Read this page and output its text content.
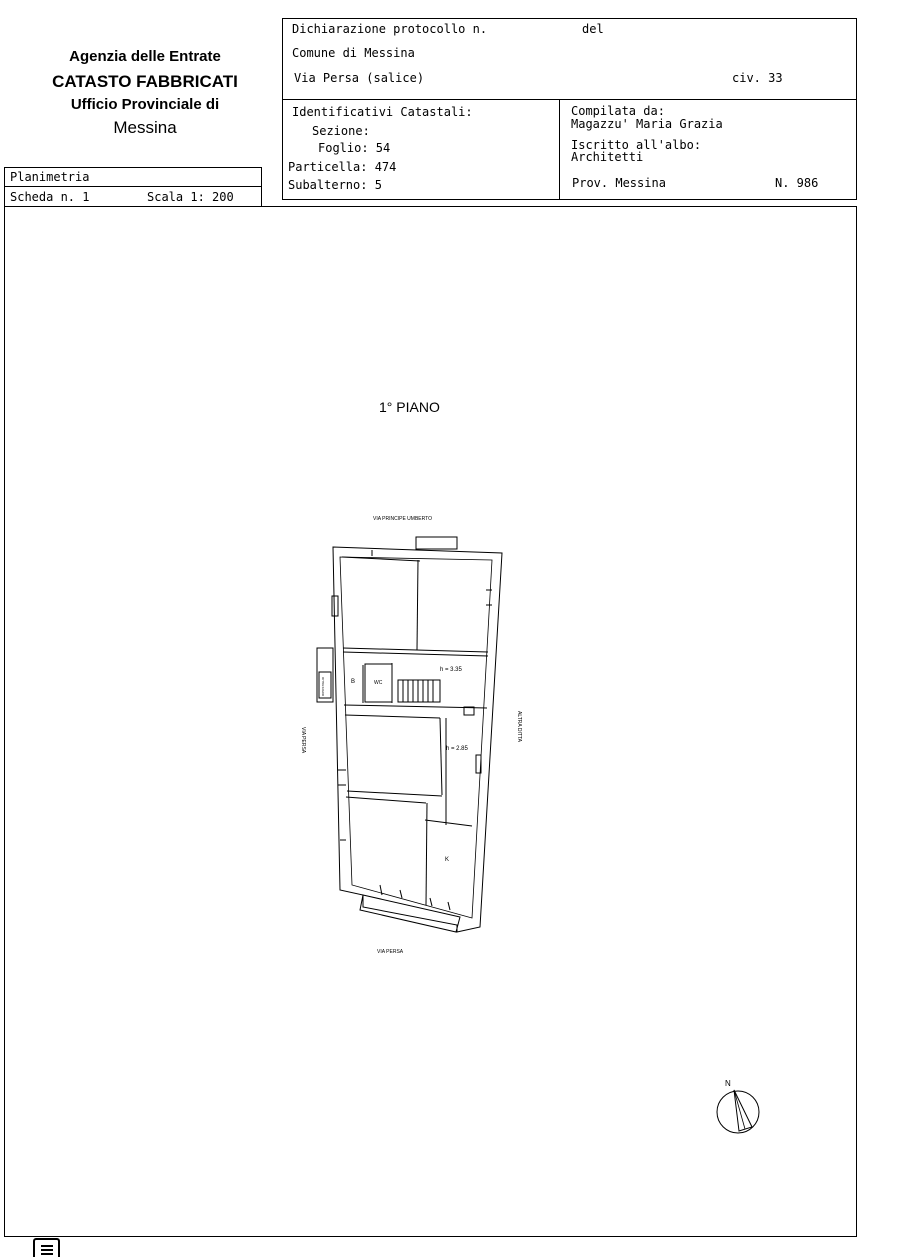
Agenzia delle Entrate
CATASTO FABBRICATI
Ufficio Provinciale di
Messina
Dichiarazione protocollo n.	del
Comune di Messina
Via Persa (salice)	civ. 33
Identificativi Catastali:
Sezione:
Foglio: 54
Particella: 474
Subalterno: 5
Compilata da:
Magazzu' Maria Grazia
Iscritto all'albo:
Architetti
Prov. Messina	N. 986
Planimetria
Scheda n. 1	Scala 1: 200
1° PIANO
VIA PRINCIPE UMBERTO
B	WC
h = 3.35
h = 2.85
K
VIA PERSA
VIA PERSA	ALTRA DITTA
RIPOSTIGLIO
N
